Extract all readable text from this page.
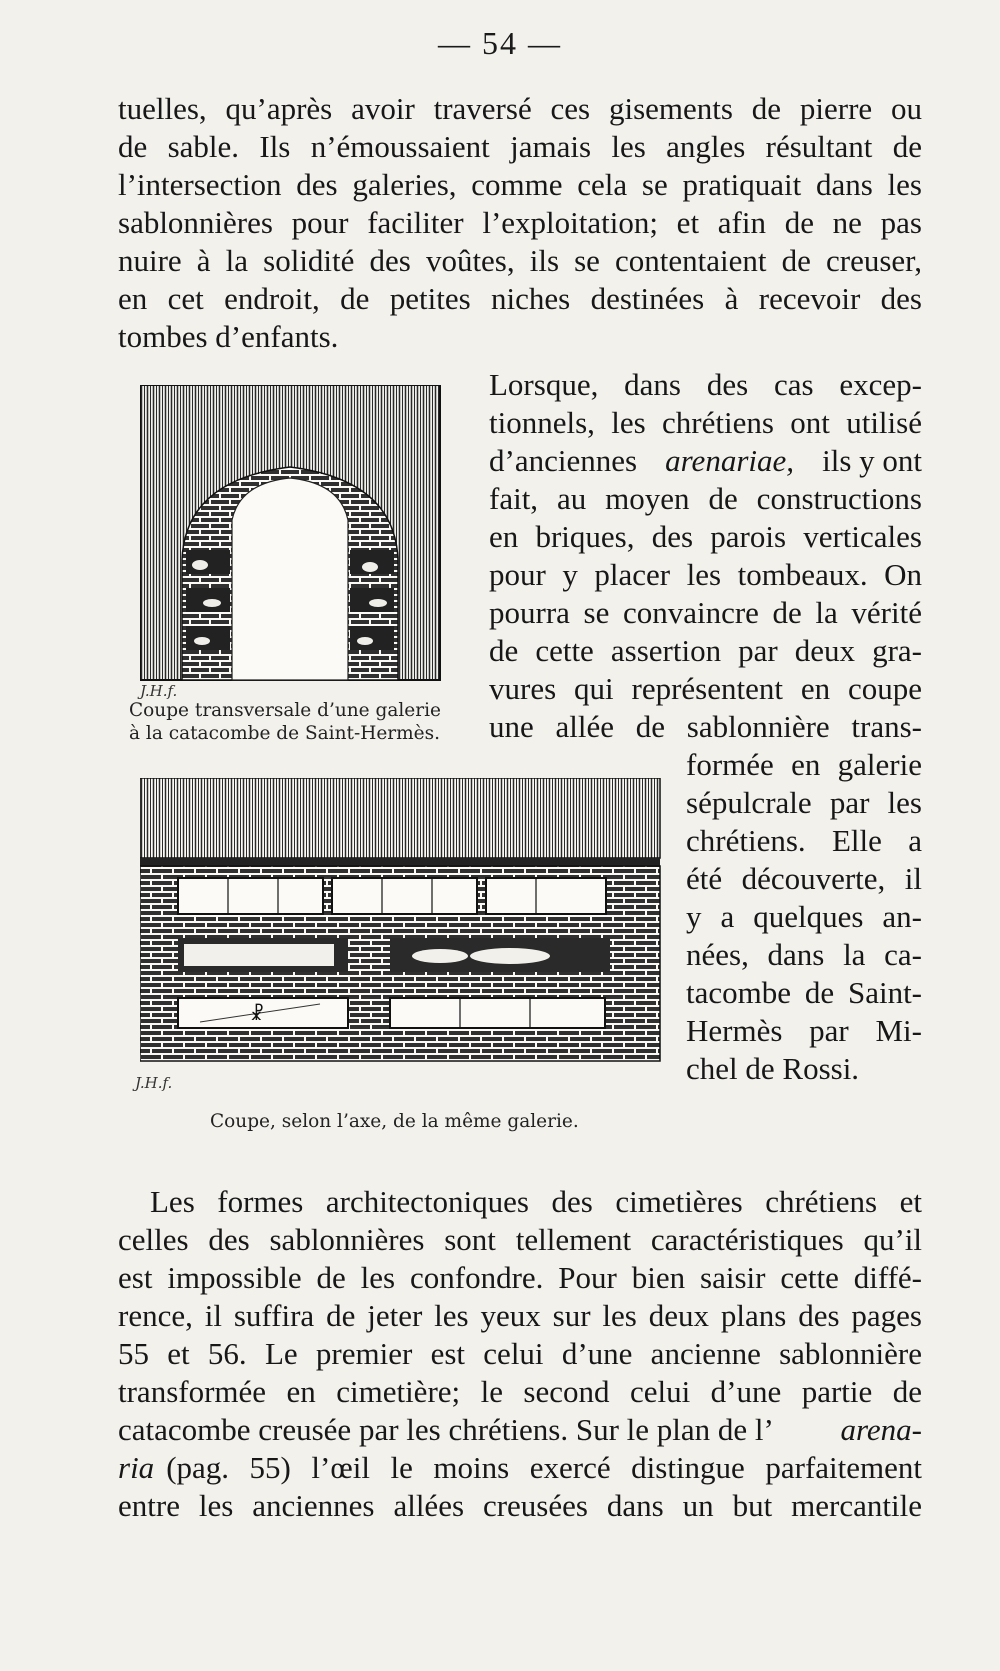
— 54 —
tuelles, qu’après avoir traversé ces gisements de pierre ou
de sable. Ils n’émoussaient jamais les angles résultant de
l’intersection des galeries, comme cela se pratiquait dans les
sablonnières pour faciliter l’exploitation; et afin de ne pas
nuire à la solidité des voûtes, ils se contentaient de creuser,
en cet endroit, de petites niches destinées à recevoir des
tombes d’enfants.
J.H.f.
Coupe transversale d’une galerie
à la catacombe de Saint-Hermès.
Lorsque, dans des cas excep-
tionnels, les chrétiens ont utilisé
d’anciennes arenariae, ils y ont
fait, au moyen de constructions
en briques, des parois verticales
pour y placer les tombeaux. On
pourra se convaincre de la vérité
de cette assertion par deux gra-
vures qui représentent en coupe
une allée de sablonnière trans-
formée en galerie
sépulcrale par les
chrétiens. Elle a
été découverte, il
y a quelques an-
nées, dans la ca-
tacombe de Saint-
Hermès par Mi-
chel de Rossi.
☧
J.H.f.
Coupe, selon l’axe, de la même galerie.
Les formes architectoniques des cimetières chrétiens et
celles des sablonnières sont tellement caractéristiques qu’il
est impossible de les confondre. Pour bien saisir cette diffé-
rence, il suffira de jeter les yeux sur les deux plans des pages
55 et 56. Le premier est celui d’une ancienne sablonnière
transformée en cimetière; le second celui d’une partie de
catacombe creusée par les chrétiens. Sur le plan de l’ arena-
ria (pag. 55) l’œil le moins exercé distingue parfaitement
entre les anciennes allées creusées dans un but mercantile
